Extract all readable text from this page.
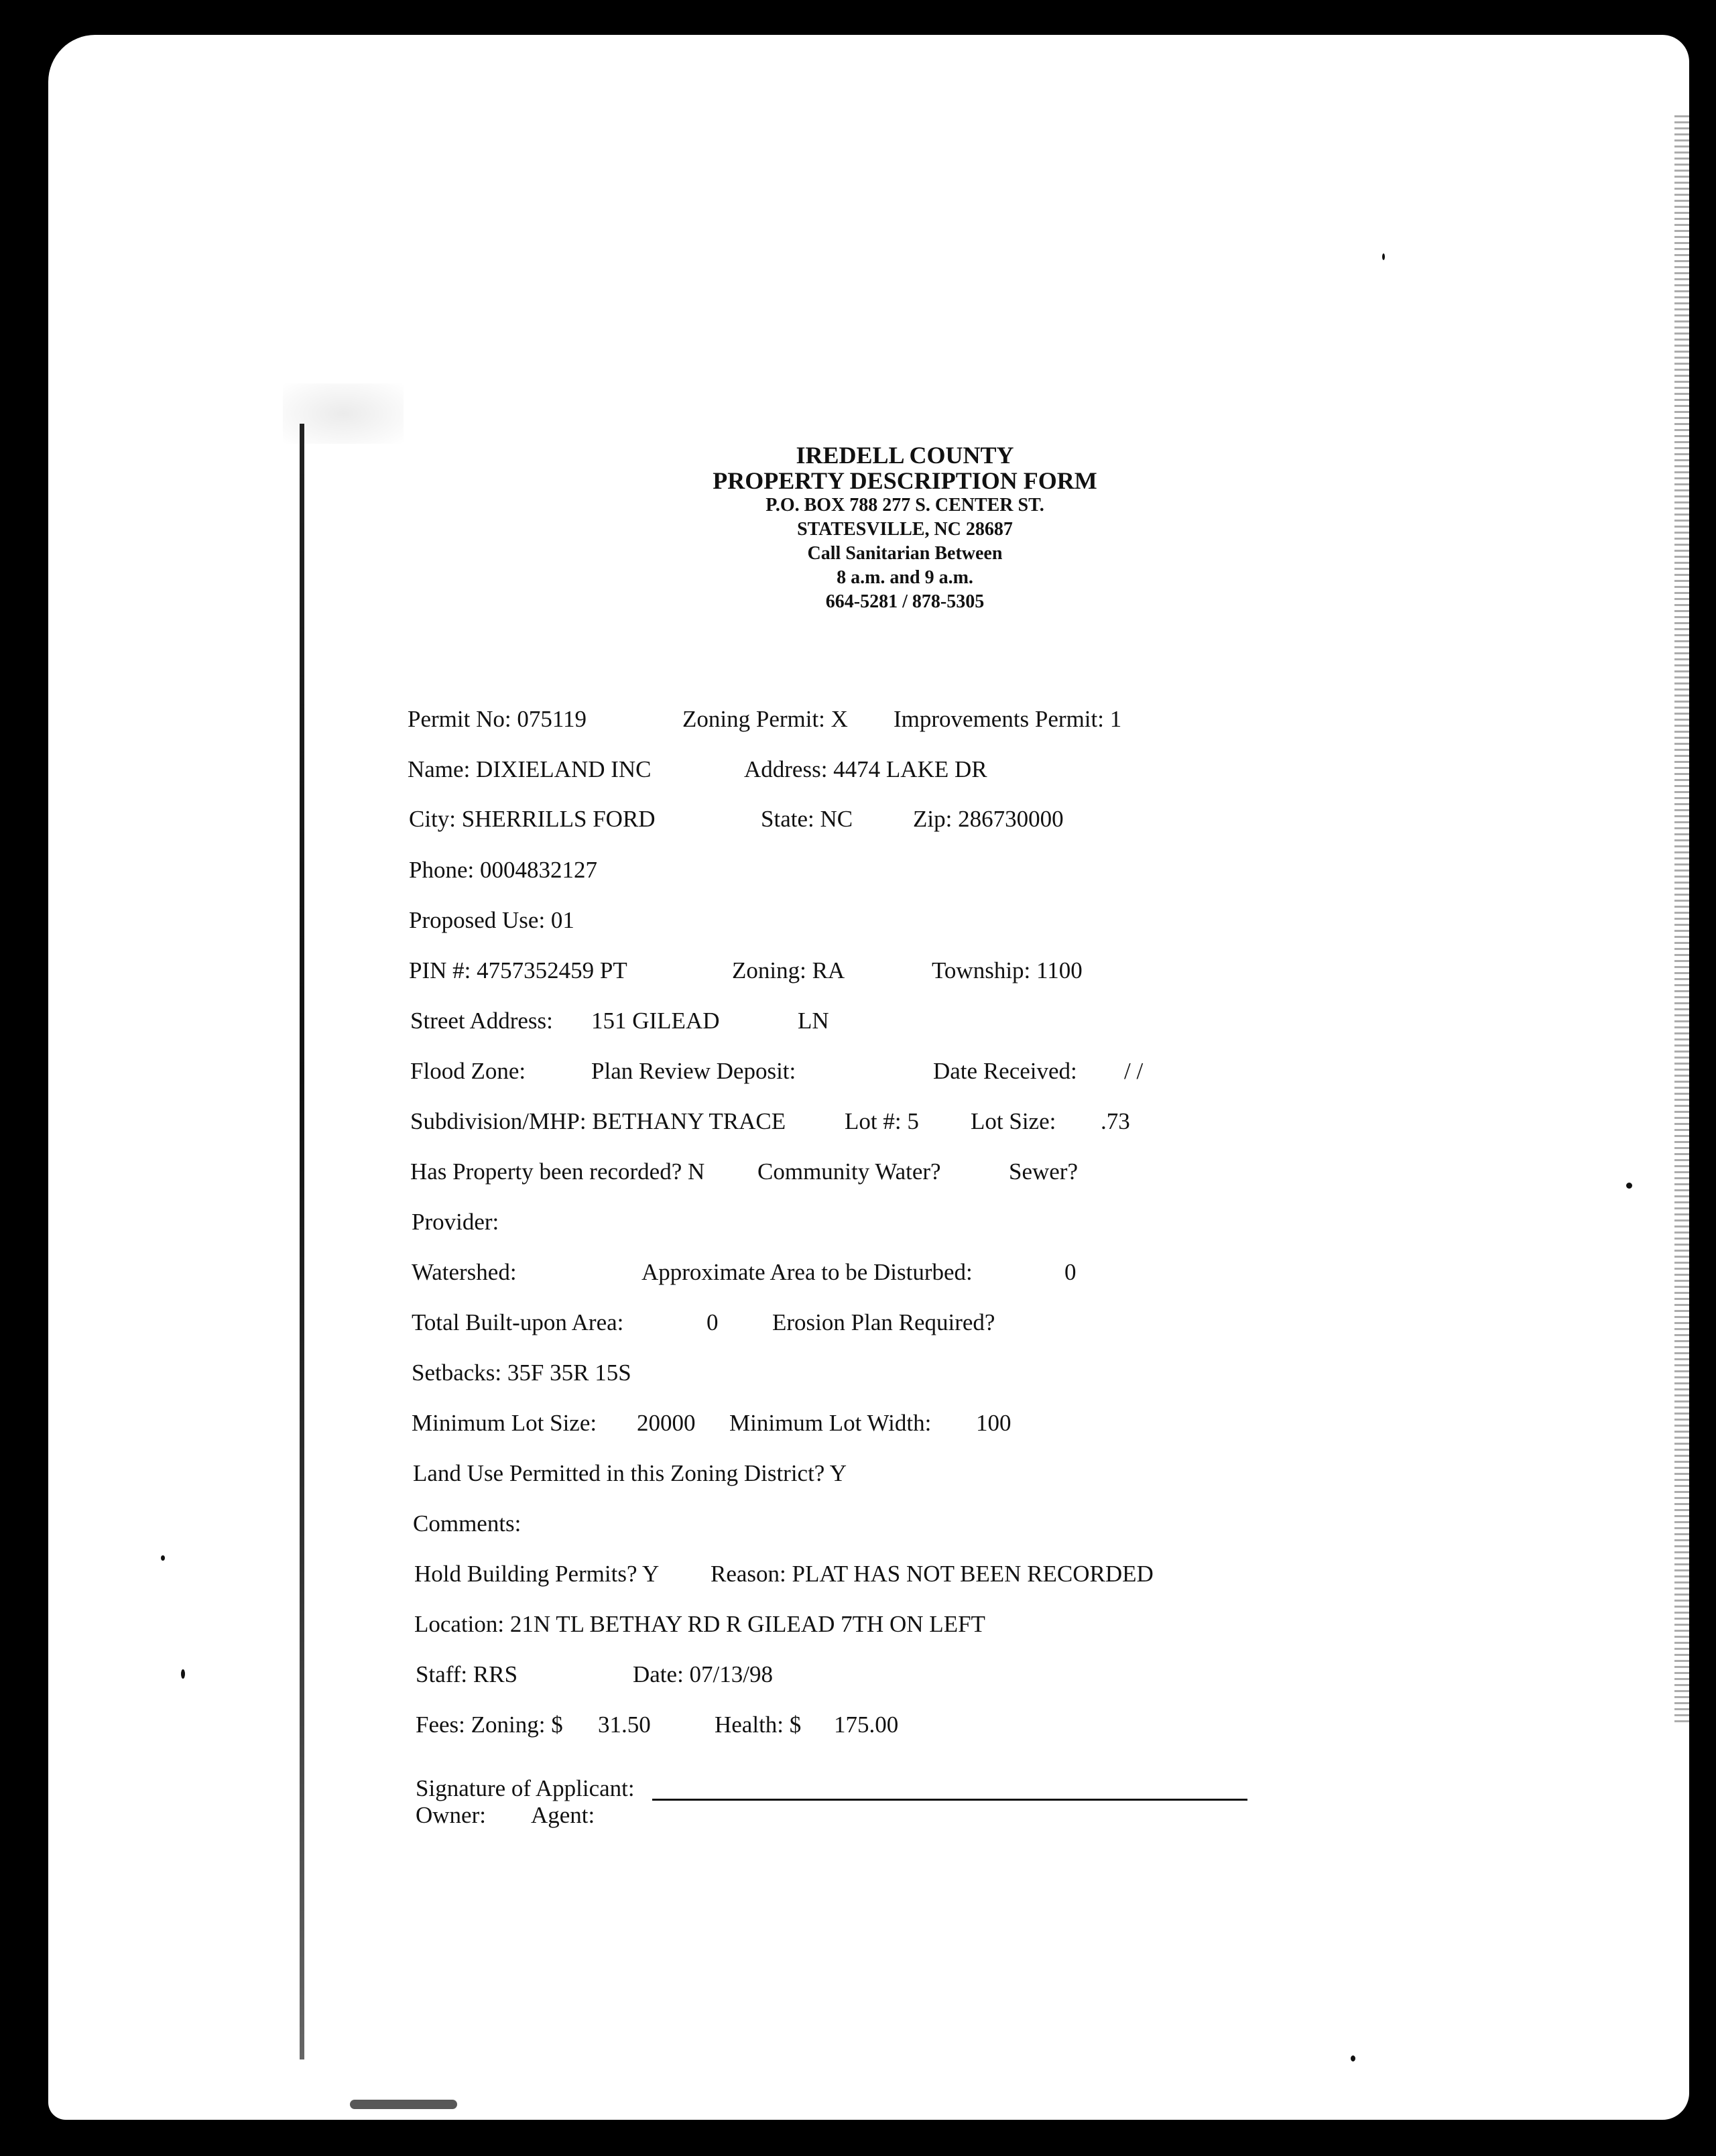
IREDELL COUNTY
PROPERTY DESCRIPTION FORM
P.O. BOX 788 277 S. CENTER ST.
STATESVILLE, NC 28687
Call Sanitarian Between
8 a.m. and 9 a.m.
664-5281 / 878-5305
Permit No: 075119	Zoning Permit: X Improvements Permit: 1
Name: DIXIELAND INC	Address: 4474 LAKE DR
City: SHERRILLS FORD	State: NC	Zip: 286730000
Phone: 0004832127
Proposed Use: 01
PIN #: 4757352459 PT	Zoning: RA	Township: 1100
Street Address: 151 GILEAD	LN
Flood Zone:	Plan Review Deposit:	Date Received: / /
Subdivision/MHP: BETHANY TRACE	Lot #: 5 Lot Size: .73
Has Property been recorded? N Community Water?	Sewer?
Provider:
Watershed:	Approximate Area to be Disturbed:	0
Total Built-upon Area:	0 Erosion Plan Required?
Setbacks: 35F 35R 15S
Minimum Lot Size: 20000 Minimum Lot Width: 100
Land Use Permitted in this Zoning District? Y
Comments:
Hold Building Permits? Y Reason: PLAT HAS NOT BEEN RECORDED
Location: 21N TL BETHAY RD R GILEAD 7TH ON LEFT
Staff: RRS	Date: 07/13/98
Fees: Zoning: $ 31.50	Health: $ 175.00
Signature of Applicant:
Owner: Agent:
